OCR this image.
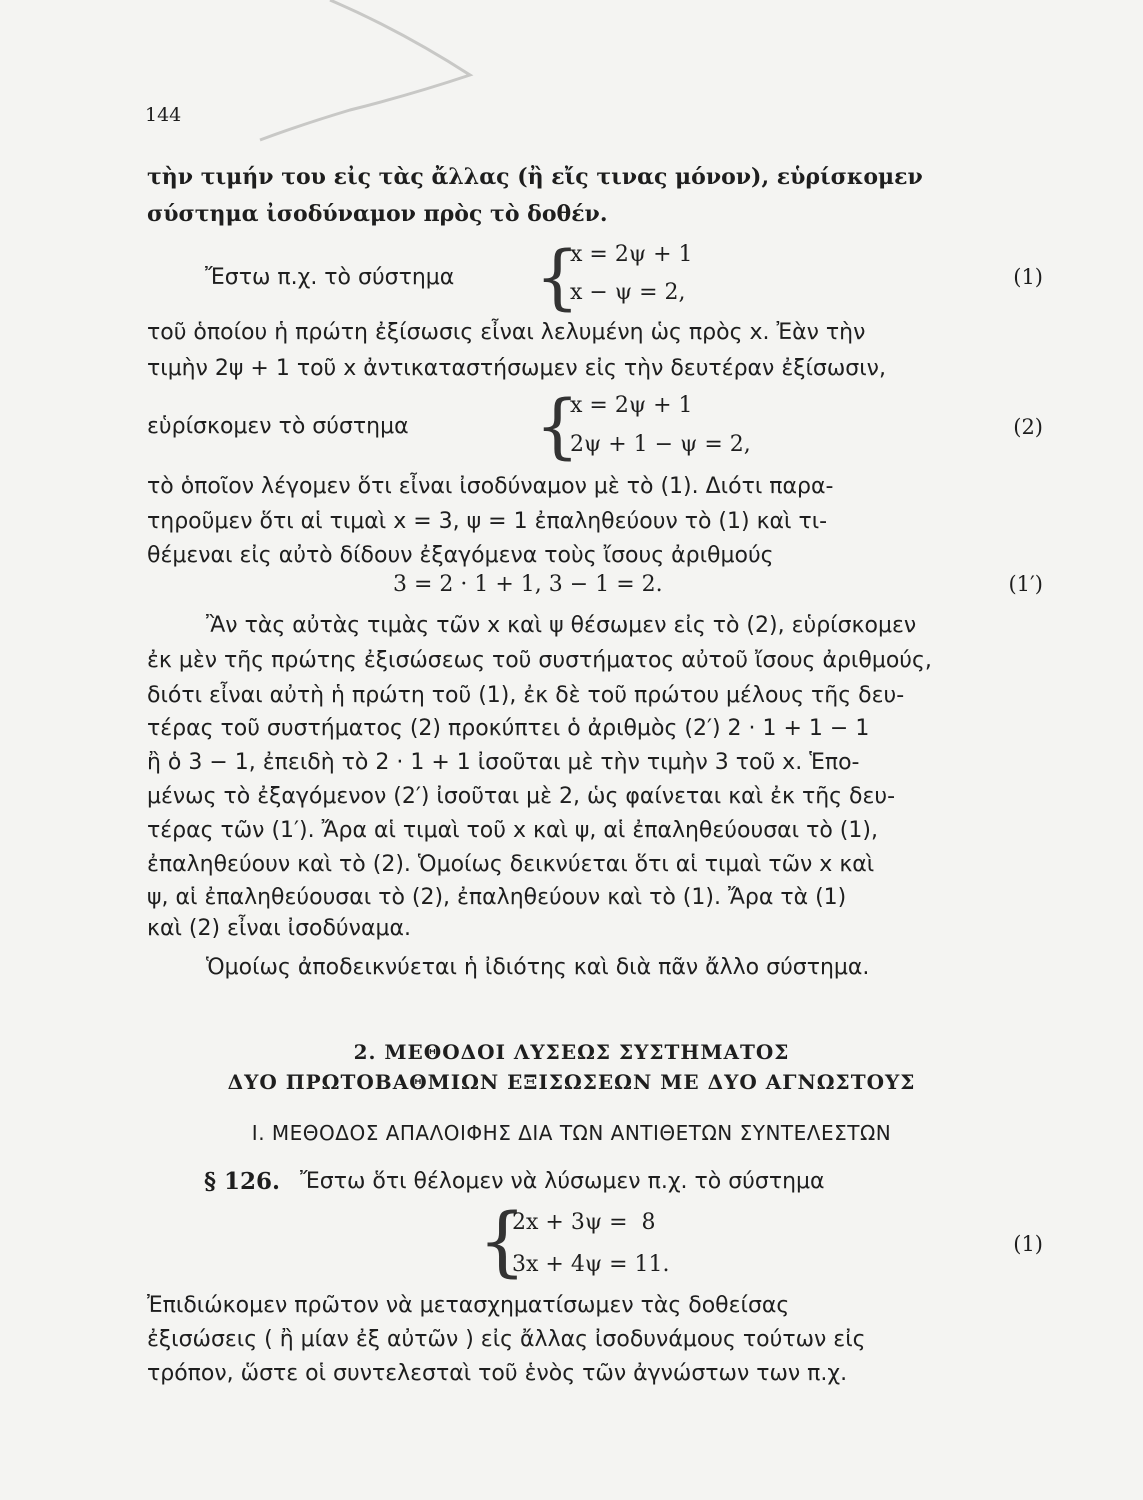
144
τὴν τιμήν του εἰς τὰς ἄλλας (ἢ εἴς τινας μόνον), εὑρίσκομεν
σύστημα ἰσοδύναμον πρὸς τὸ δοθέν.
Ἔστω π.χ. τὸ σύστημα {
x = 2ψ + 1
x − ψ = 2,
(1)
τοῦ ὁποίου ἡ πρώτη ἐξίσωσις εἶναι λελυμένη ὡς πρὸς x. Ἐὰν τὴν
τιμὴν 2ψ + 1 τοῦ x ἀντικαταστήσωμεν εἰς τὴν δευτέραν ἐξίσωσιν,
εὑρίσκομεν τὸ σύστημα {
x = 2ψ + 1
2ψ + 1 − ψ = 2,
(2)
τὸ ὁποῖον λέγομεν ὅτι εἶναι ἰσοδύναμον μὲ τὸ (1). Διότι παρα-
τηροῦμεν ὅτι αἱ τιμαὶ x = 3, ψ = 1 ἐπαληθεύουν τὸ (1) καὶ τι-
θέμεναι εἰς αὐτὸ δίδουν ἐξαγόμενα τοὺς ἴσους ἀριθμούς
3 = 2 · 1 + 1, 3 − 1 = 2.	(1′)
Ἂν τὰς αὐτὰς τιμὰς τῶν x καὶ ψ θέσωμεν εἰς τὸ (2), εὑρίσκομεν
ἐκ μὲν τῆς πρώτης ἐξισώσεως τοῦ συστήματος αὐτοῦ ἴσους ἀριθμούς,
διότι εἶναι αὐτὴ ἡ πρώτη τοῦ (1), ἐκ δὲ τοῦ πρώτου μέλους τῆς δευ-
τέρας τοῦ συστήματος (2) προκύπτει ὁ ἀριθμὸς (2′) 2 · 1 + 1 − 1
ἢ ὁ 3 − 1, ἐπειδὴ τὸ 2 · 1 + 1 ἰσοῦται μὲ τὴν τιμὴν 3 τοῦ x. Ἑπο-
μένως τὸ ἐξαγόμενον (2′) ἰσοῦται μὲ 2, ὡς φαίνεται καὶ ἐκ τῆς δευ-
τέρας τῶν (1′). Ἄρα αἱ τιμαὶ τοῦ x καὶ ψ, αἱ ἐπαληθεύουσαι τὸ (1),
ἐπαληθεύουν καὶ τὸ (2). Ὁμοίως δεικνύεται ὅτι αἱ τιμαὶ τῶν x καὶ
ψ, αἱ ἐπαληθεύουσαι τὸ (2), ἐπαληθεύουν καὶ τὸ (1). Ἄρα τὰ (1)
καὶ (2) εἶναι ἰσοδύναμα.
Ὁμοίως ἀποδεικνύεται ἡ ἰδιότης καὶ διὰ πᾶν ἄλλο σύστημα.
2. ΜΕΘΟΔΟΙ ΛΥΣΕΩΣ ΣΥΣΤΗΜΑΤΟΣ
ΔΥΟ ΠΡΩΤΟΒΑΘΜΙΩΝ ΕΞΙΣΩΣΕΩΝ ΜΕ ΔΥΟ ΑΓΝΩΣΤΟΥΣ
Ι. ΜΕΘΟΔΟΣ ΑΠΑΛΟΙΦΗΣ ΔΙΑ ΤΩΝ ΑΝΤΙΘΕΤΩΝ ΣΥΝΤΕΛΕΣΤΩΝ
§ 126. Ἔστω ὅτι θέλομεν νὰ λύσωμεν π.χ. τὸ σύστημα
{
2x + 3ψ =  8
3x + 4ψ = 11.
(1)
Ἐπιδιώκομεν πρῶτον νὰ μετασχηματίσωμεν τὰς δοθείσας
ἐξισώσεις ( ἢ μίαν ἐξ αὐτῶν ) εἰς ἄλλας ἰσοδυνάμους τούτων εἰς
τρόπον, ὥστε οἱ συντελεσταὶ τοῦ ἑνὸς τῶν ἀγνώστων των π.χ.
